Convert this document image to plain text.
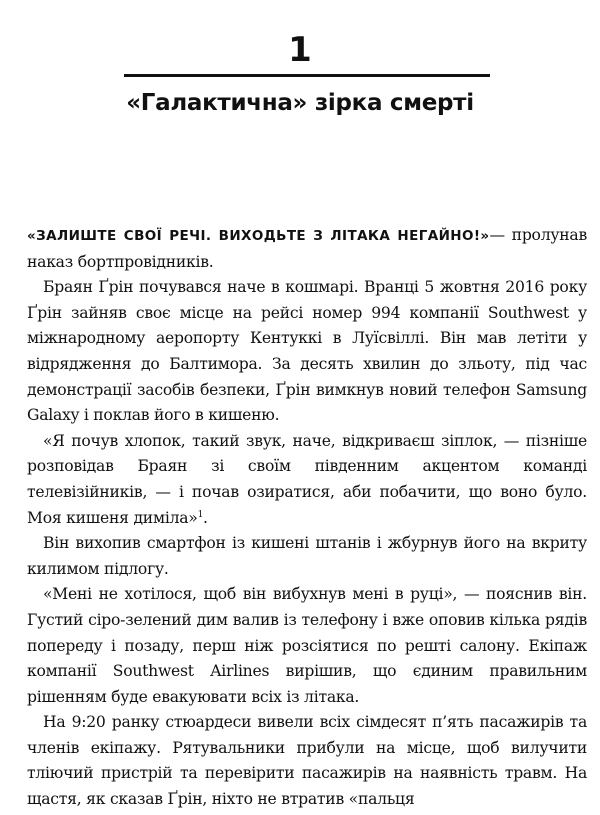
1
«Галактична» зірка смерті

«ЗАЛИШТЕ СВОЇ РЕЧІ. ВИХОДЬТЕ З ЛІТАКА НЕГАЙНО!»— пролунав наказ бортпровідників.

Браян Ґрін почувався наче в кошмарі. Вранці 5 жовтня 2016 року Ґрін зайняв своє місце на рейсі номер 994 компанії Southwest у міжнародному аеропорту Кентуккі в Луїсвіллі. Він мав летіти у відрядження до Балтимора. За десять хвилин до зльоту, під час демонстрації засобів безпеки, Ґрін вимкнув новий телефон Samsung Galaxy і поклав його в кишеню.

«Я почув хлопок, такий звук, наче, відкриваєш зіплок, — пізніше розповідав Браян зі своїм південним акцентом команді телевізійників, — і почав озиратися, аби побачити, що воно було. Моя кишеня диміла»$^1$.

Він вихопив смартфон із кишені штанів і жбурнув його на вкриту килимом підлогу.

«Мені не хотілося, щоб він вибухнув мені в руці», — пояснив він. Густий сіро-зелений дим валив із телефону і вже оповив кілька рядів попереду і позаду, перш ніж розсіятися по решті салону. Екіпаж компанії Southwest Airlines вирішив, що єдиним правильним рішенням буде евакуювати всіх із літака.

На 9:20 ранку стюардеси вивели всіх сімдесят п’ять пасажирів та членів екіпажу. Рятувальники прибули на місце, щоб вилучити тліючий пристрій та перевірити пасажирів на наявність травм. На щастя, як сказав Ґрін, ніхто не втратив «пальця
